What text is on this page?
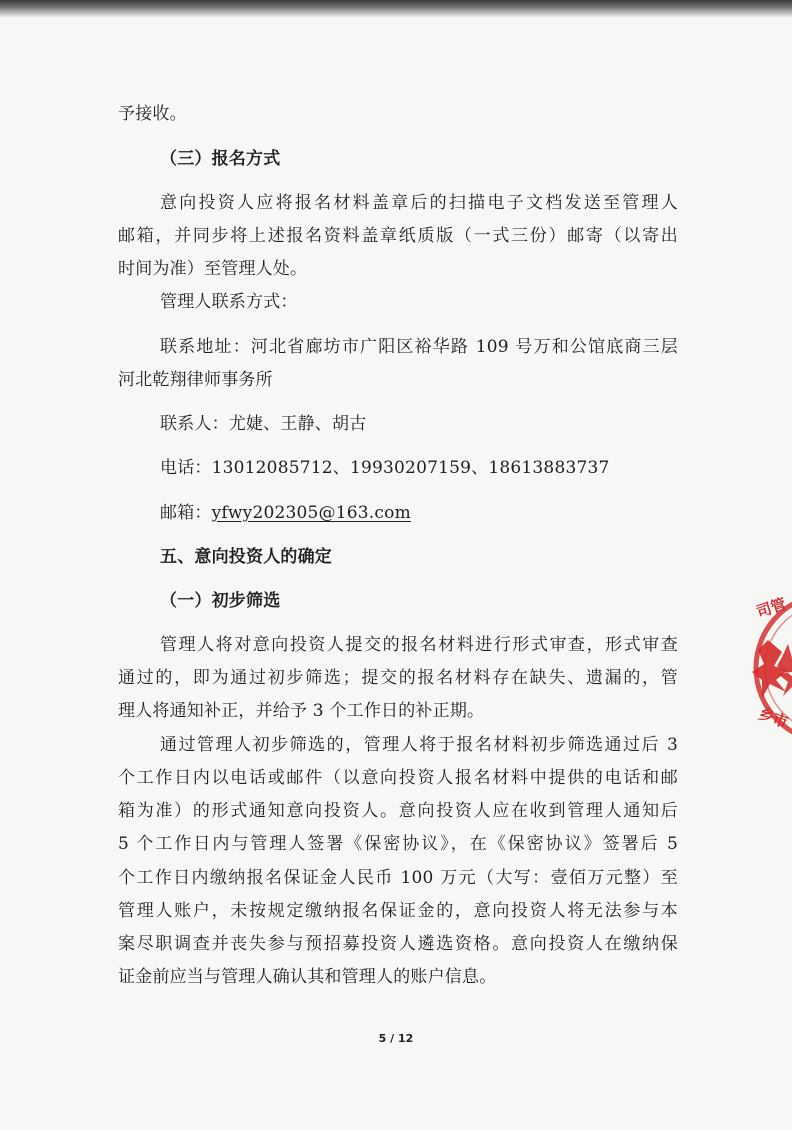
予接收。
（三）报名方式
意向投资人应将报名材料盖章后的扫描电子文档发送至管理人
邮箱，并同步将上述报名资料盖章纸质版（一式三份）邮寄（以寄出
时间为准）至管理人处。
管理人联系方式：
联系地址：河北省廊坊市广阳区裕华路 109 号万和公馆底商三层
河北乾翔律师事务所
联系人：尤婕、王静、胡古
电话：13012085712、19930207159、18613883737
邮箱：yfwy202305@163.com
五、意向投资人的确定
（一）初步筛选
管理人将对意向投资人提交的报名材料进行形式审查，形式审查
通过的，即为通过初步筛选；提交的报名材料存在缺失、遗漏的，管
理人将通知补正，并给予 3 个工作日的补正期。
通过管理人初步筛选的，管理人将于报名材料初步筛选通过后 3
个工作日内以电话或邮件（以意向投资人报名材料中提供的电话和邮
箱为准）的形式通知意向投资人。意向投资人应在收到管理人通知后
5 个工作日内与管理人签署《保密协议》，在《保密协议》签署后 5
个工作日内缴纳报名保证金人民币 100 万元（大写：壹佰万元整）至
管理人账户，未按规定缴纳报名保证金的，意向投资人将无法参与本
案尽职调查并丧失参与预招募投资人遴选资格。意向投资人在缴纳保
证金前应当与管理人确认其和管理人的账户信息。
5 / 12
司管
乡市
